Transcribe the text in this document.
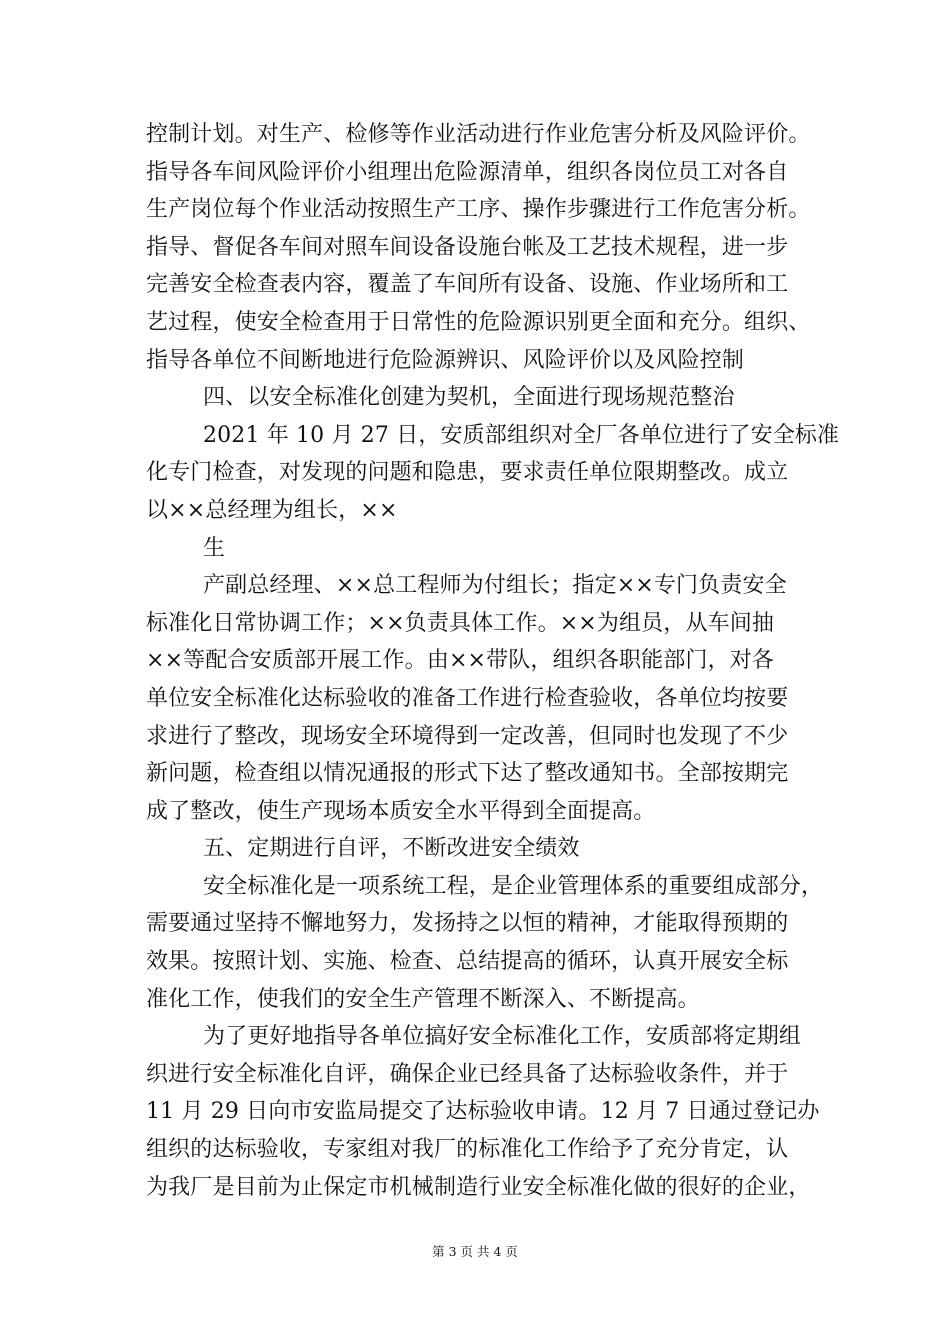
控制计划。对生产、检修等作业活动进行作业危害分析及风险评价。
指导各车间风险评价小组理出危险源清单，组织各岗位员工对各自
生产岗位每个作业活动按照生产工序、操作步骤进行工作危害分析。
指导、督促各车间对照车间设备设施台帐及工艺技术规程，进一步
完善安全检查表内容，覆盖了车间所有设备、设施、作业场所和工
艺过程，使安全检查用于日常性的危险源识别更全面和充分。组织、
指导各单位不间断地进行危险源辨识、风险评价以及风险控制
四、以安全标准化创建为契机，全面进行现场规范整治
2021 年 10 月 27 日，安质部组织对全厂各单位进行了安全标准
化专门检查，对发现的问题和隐患，要求责任单位限期整改。成立
以××总经理为组长，××
生
产副总经理、××总工程师为付组长；指定××专门负责安全
标准化日常协调工作；××负责具体工作。××为组员，从车间抽
××等配合安质部开展工作。由××带队，组织各职能部门，对各
单位安全标准化达标验收的准备工作进行检查验收，各单位均按要
求进行了整改，现场安全环境得到一定改善，但同时也发现了不少
新问题，检查组以情况通报的形式下达了整改通知书。全部按期完
成了整改，使生产现场本质安全水平得到全面提高。
五、定期进行自评，不断改进安全绩效
安全标准化是一项系统工程，是企业管理体系的重要组成部分，
需要通过坚持不懈地努力，发扬持之以恒的精神，才能取得预期的
效果。按照计划、实施、检查、总结提高的循环，认真开展安全标
准化工作，使我们的安全生产管理不断深入、不断提高。
为了更好地指导各单位搞好安全标准化工作，安质部将定期组
织进行安全标准化自评，确保企业已经具备了达标验收条件，并于
11 月 29 日向市安监局提交了达标验收申请。12 月 7 日通过登记办
组织的达标验收，专家组对我厂的标准化工作给予了充分肯定，认
为我厂是目前为止保定市机械制造行业安全标准化做的很好的企业，
第 3 页 共 4 页
